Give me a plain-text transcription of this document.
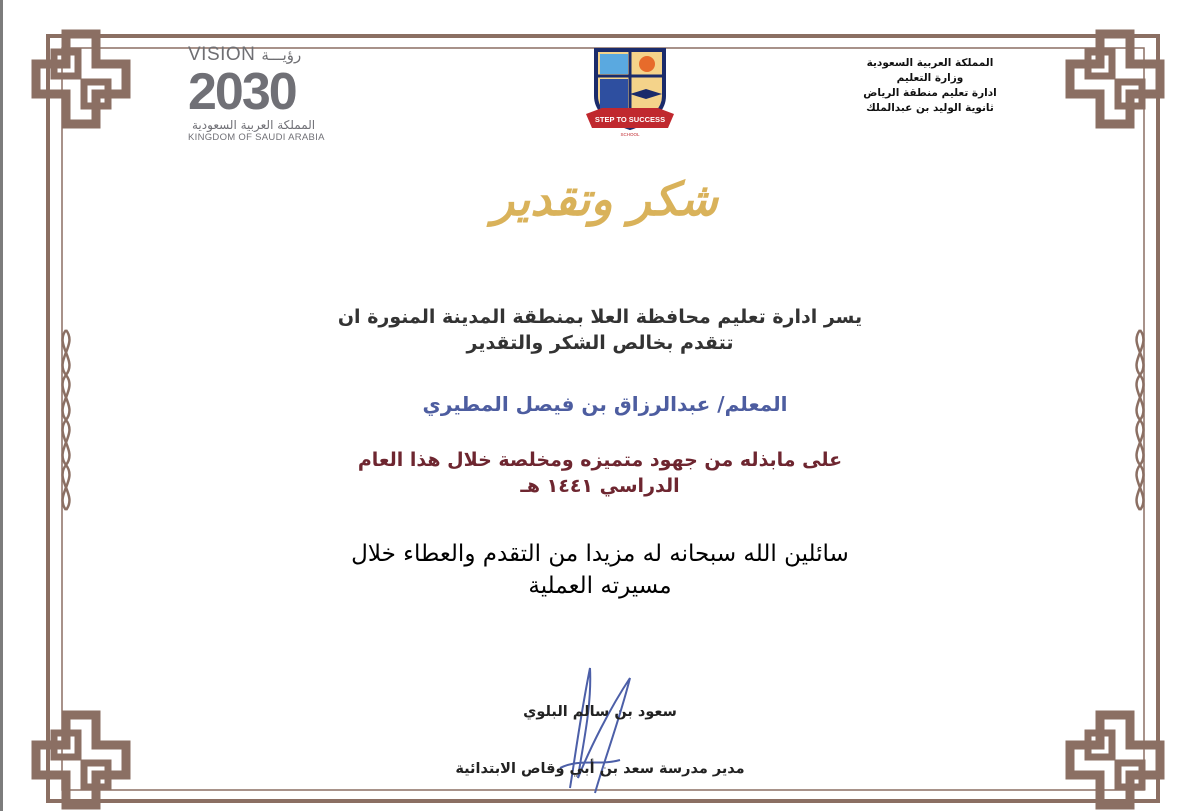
المملكة العربية السعودية
وزارة التعليم
ادارة تعليم منطقة الرياض
ثانوية الوليد بن عبدالملك
VISION رؤيـــة
2030
المملكة العربية السعودية
KINGDOM OF SAUDI ARABIA
STEP TO SUCCESS
SCHOOL
شكر وتقدير
يسر ادارة تعليم محافظة العلا بمنطقة المدينة المنورة ان
تتقدم بخالص الشكر والتقدير
المعلم/ عبدالرزاق بن فيصل المطيري
على مابذله من جهود متميزه ومخلصة خلال هذا العام
الدراسي ١٤٤١ هـ
سائلين الله سبحانه له مزيدا من التقدم والعطاء خلال
مسيرته العملية
سعود بن سالم البلوي
مدير مدرسة سعد بن أبي وقاص الابتدائية
